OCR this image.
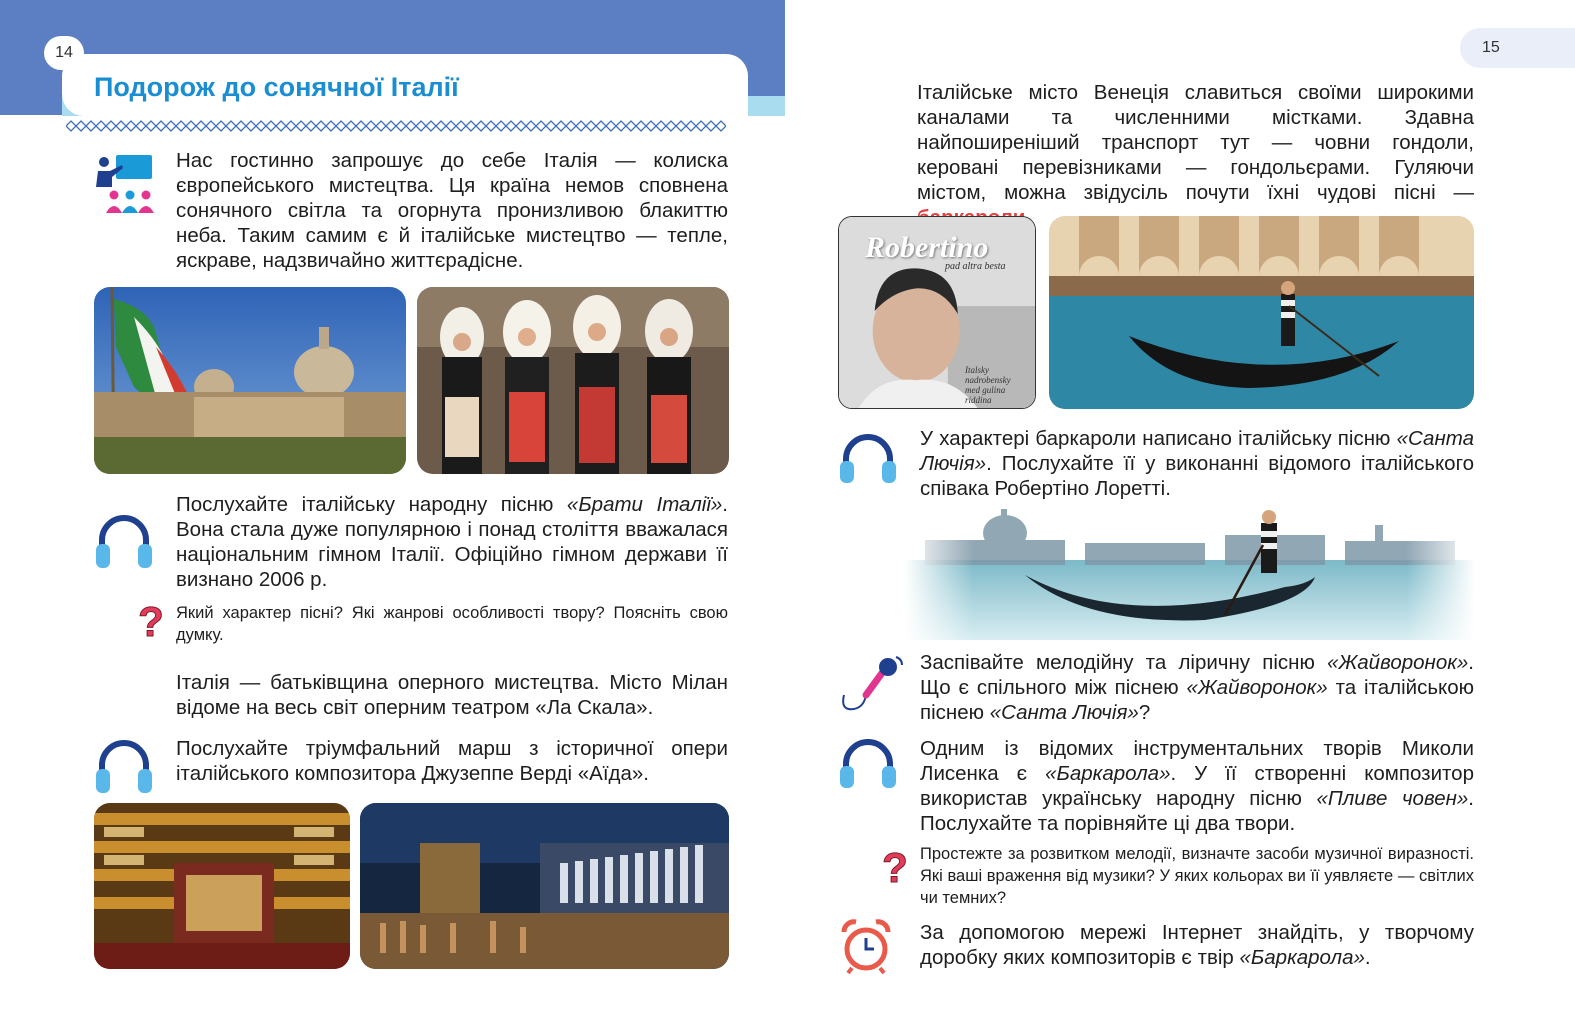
14
Подорож до сонячної Італії
15
Нас гостинно запрошує до себе Італія — колиска європейського мистецтва. Ця країна немов сповнена сонячного світла та огорнута пронизливою блакиттю неба. Таким самим є й італійське мистецтво — тепле, яскраве, надзвичайно життєрадісне.
Послухайте італійську народну пісню «Брати Італії». Вона стала дуже популярною і понад століття вважалася національним гімном Італії. Офіційно гімном держави її визнано 2006 р.
? Який характер пісні? Які жанрові особливості твору? Поясніть свою думку.
Італія — батьківщина оперного мистецтва. Місто Мілан відоме на весь світ оперним театром «Ла Скала».
Послухайте тріумфальний марш з історичної опери італійського композитора Джузеппе Верді «Аїда».
Італійське місто Венеція славиться своїми широкими каналами та численними містками. Здавна найпоширеніший транспорт тут — човни гондоли, керовані перевізниками — гондольєрами. Гуляючи містом, можна звідусіль почути їхні чудові пісні —
Robertino
pad altra besta
Italsky nadrobensky med gulina riddina
У характері баркароли написано італійську пісню «Санта Лючія». Послухайте її у виконанні відомого італійського співака Робертіно Лоретті.
Заспівайте мелодійну та ліричну пісню «Жайворонок». Що є спільного між піснею «Жайворонок» та італійською піснею «Санта Лючія»?
Одним із відомих інструментальних творів Миколи Лисенка є «Баркарола». У її створенні композитор використав українську народну пісню «Пливе човен». Послухайте та порівняйте ці два твори.
? Простежте за розвитком мелодії, визначте засоби музичної виразності. Які ваші враження від музики? У яких кольорах ви її уявляєте — світлих чи темних?
За допомогою мережі Інтернет знайдіть, у творчому доробку яких композиторів є твір «Баркарола».
